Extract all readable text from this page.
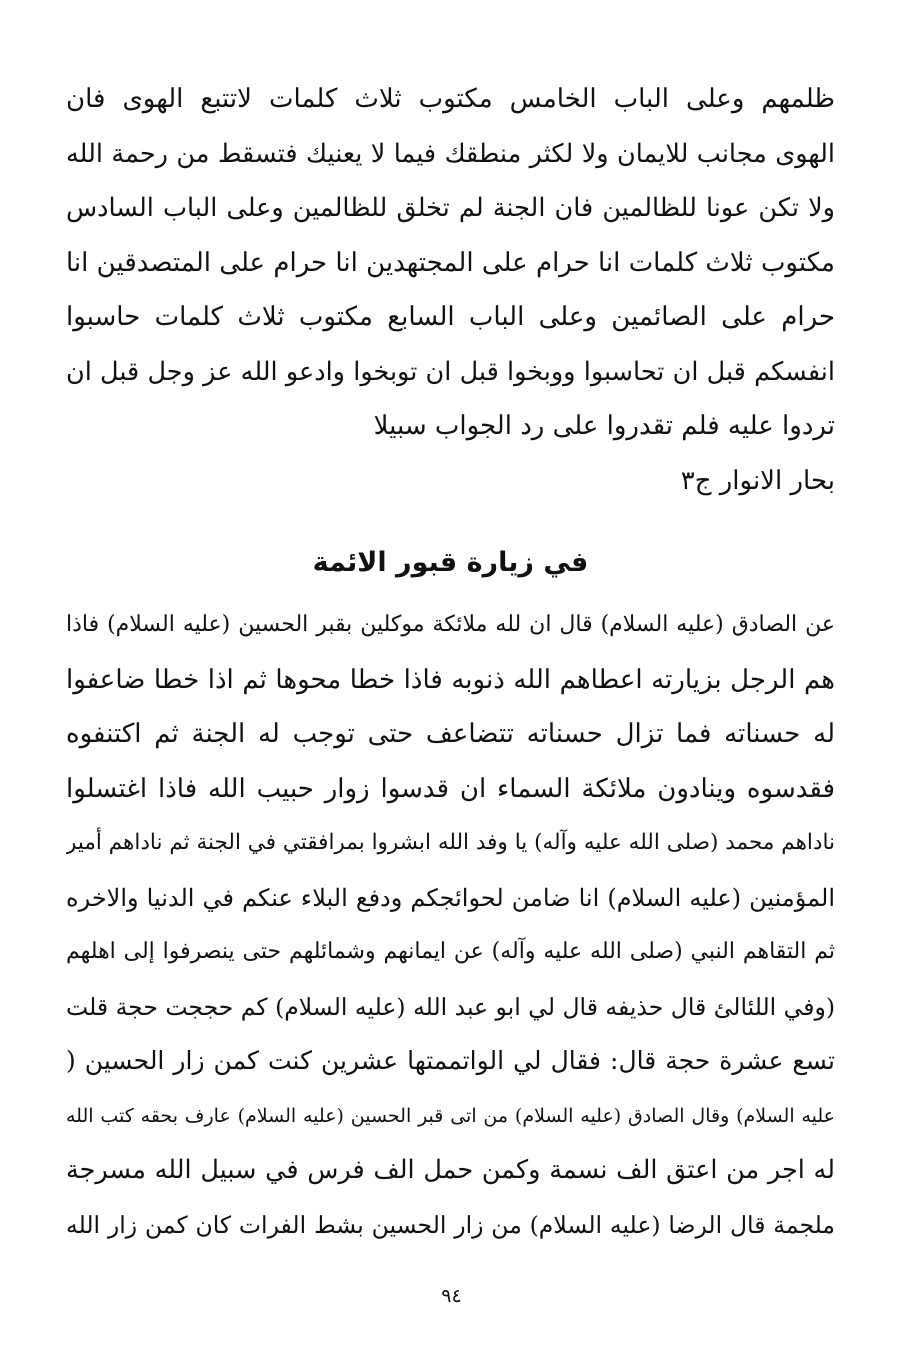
ظلمهم وعلى الباب الخامس مكتوب ثلاث كلمات لاتتبع الهوى فان
الهوى مجانب للايمان ولا لكثر منطقك فيما لا يعنيك فتسقط من رحمة الله
ولا تكن عونا للظالمين فان الجنة لم تخلق للظالمين وعلى الباب السادس
مكتوب ثلاث كلمات انا حرام على المجتهدين انا حرام على المتصدقين انا
حرام على الصائمين وعلى الباب السابع مكتوب ثلاث كلمات حاسبوا
انفسكم قبل ان تحاسبوا ووبخوا قبل ان توبخوا وادعو الله عز وجل قبل ان
تردوا عليه فلم تقدروا على رد الجواب سبيلا
بحار الانوار ج٣
في زيارة قبور الائمة
عن الصادق (عليه السلام) قال ان لله ملائكة موكلين بقبر الحسين (عليه السلام) فاذا
هم الرجل بزيارته اعطاهم الله ذنوبه فاذا خطا محوها ثم اذا خطا ضاعفوا
له حسناته فما تزال حسناته تتضاعف حتى توجب له الجنة ثم اكتنفوه
فقدسوه وينادون ملائكة السماء ان قدسوا زوار حبيب الله فاذا اغتسلوا
ناداهم محمد (صلى الله عليه وآله) يا وفد الله ابشروا بمرافقتي في الجنة ثم ناداهم أمير
المؤمنين (عليه السلام) انا ضامن لحوائجكم ودفع البلاء عنكم في الدنيا والاخره
ثم التقاهم النبي (صلى الله عليه وآله) عن ايمانهم وشمائلهم حتى ينصرفوا إلى اهلهم
(وفي اللئالئ قال حذيفه قال لي ابو عبد الله (عليه السلام) كم حججت حجة قلت
تسع عشرة حجة قال: فقال لي الواتممتها عشرين كنت كمن زار الحسين (
عليه السلام) وقال الصادق (عليه السلام) من اتى قبر الحسين (عليه السلام) عارف بحقه كتب الله
له اجر من اعتق الف نسمة وكمن حمل الف فرس في سبيل الله مسرجة
ملجمة قال الرضا (عليه السلام) من زار الحسين بشط الفرات كان كمن زار الله
٩٤
